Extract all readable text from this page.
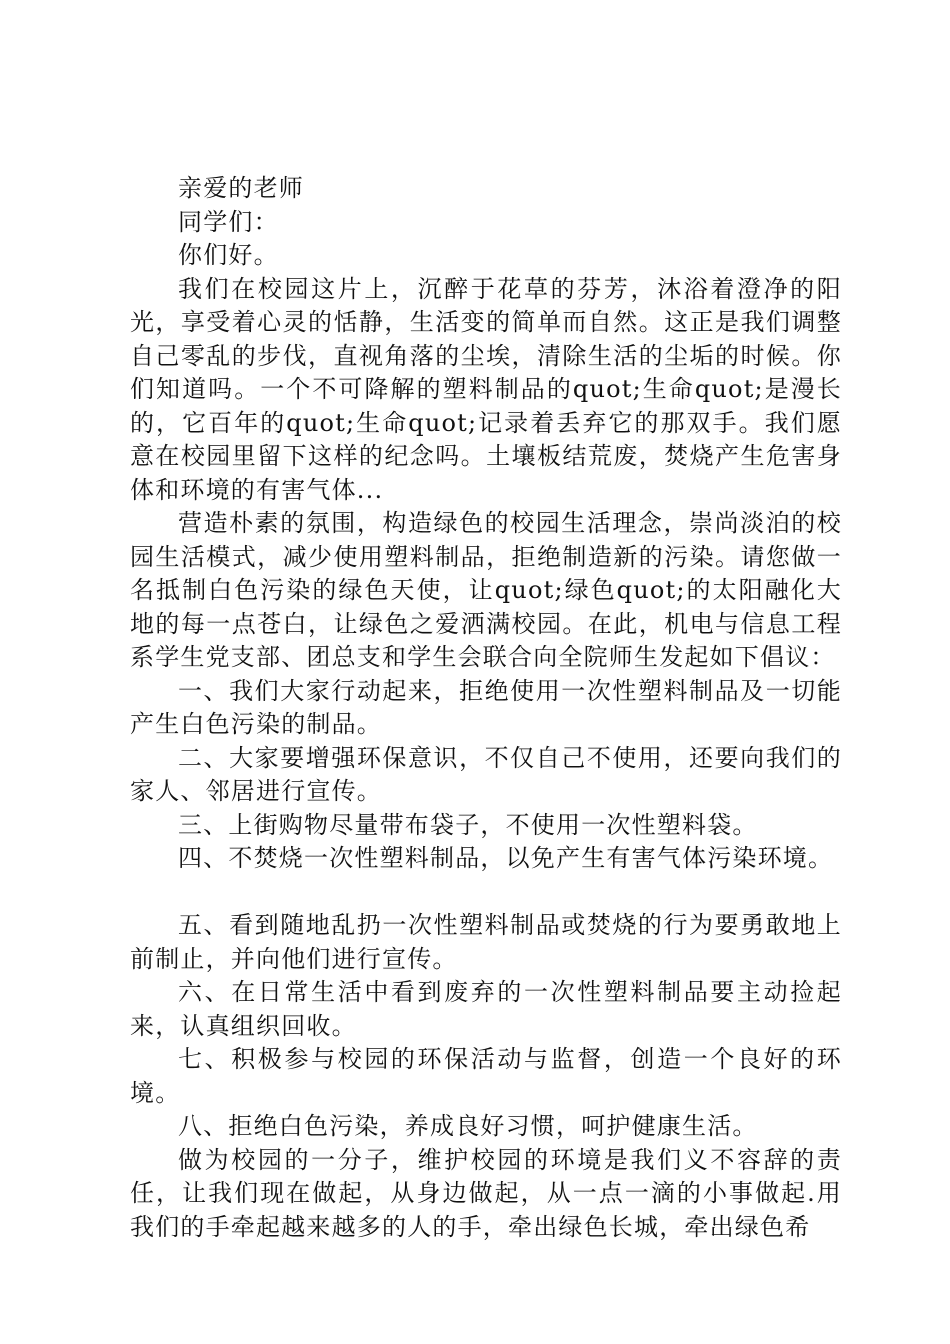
亲爱的老师

同学们：

你们好。

我们在校园这片上，沉醉于花草的芬芳，沐浴着澄净的阳光，享受着心灵的恬静，生活变的简单而自然。这正是我们调整自己零乱的步伐，直视角落的尘埃，清除生活的尘垢的时候。你们知道吗。一个不可降解的塑料制品的quot;生命quot;是漫长的，它百年的quot;生命quot;记录着丢弃它的那双手。我们愿意在校园里留下这样的纪念吗。土壤板结荒废，焚烧产生危害身体和环境的有害气体...

营造朴素的氛围，构造绿色的校园生活理念，崇尚淡泊的校园生活模式，减少使用塑料制品，拒绝制造新的污染。请您做一名抵制白色污染的绿色天使，让quot;绿色quot;的太阳融化大地的每一点苍白，让绿色之爱洒满校园。在此，机电与信息工程系学生党支部、团总支和学生会联合向全院师生发起如下倡议：

一、我们大家行动起来，拒绝使用一次性塑料制品及一切能产生白色污染的制品。

二、大家要增强环保意识，不仅自己不使用，还要向我们的家人、邻居进行宣传。

三、上街购物尽量带布袋子，不使用一次性塑料袋。

四、不焚烧一次性塑料制品，以免产生有害气体污染环境。

五、看到随地乱扔一次性塑料制品或焚烧的行为要勇敢地上前制止，并向他们进行宣传。

六、在日常生活中看到废弃的一次性塑料制品要主动捡起来，认真组织回收。

七、积极参与校园的环保活动与监督，创造一个良好的环境。

八、拒绝白色污染，养成良好习惯，呵护健康生活。

做为校园的一分子，维护校园的环境是我们义不容辞的责任，让我们现在做起，从身边做起，从一点一滴的小事做起.用我们的手牵起越来越多的人的手，牵出绿色长城，牵出绿色希
